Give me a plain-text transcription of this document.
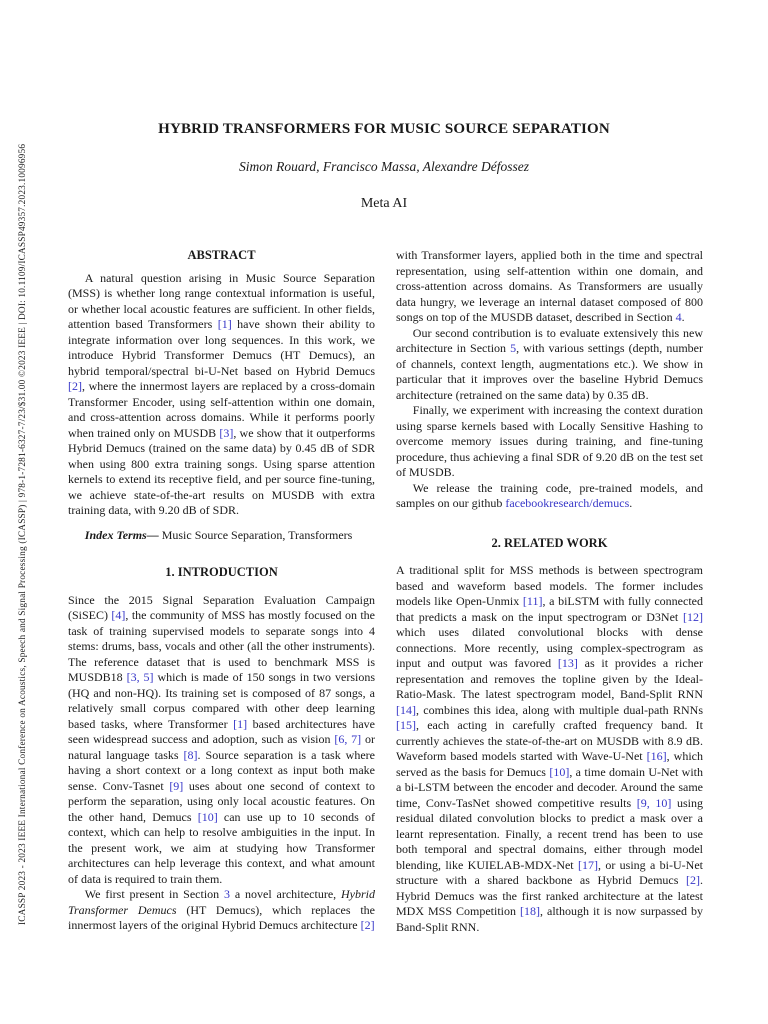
ICASSP 2023 - 2023 IEEE International Conference on Acoustics, Speech and Signal Processing (ICASSP) | 978-1-7281-6327-7/23/$31.00 ©2023 IEEE | DOI: 10.1109/ICASSP49357.2023.10096956
HYBRID TRANSFORMERS FOR MUSIC SOURCE SEPARATION
Simon Rouard, Francisco Massa, Alexandre Défossez
Meta AI
ABSTRACT

A natural question arising in Music Source Separation (MSS) is whether long range contextual information is useful, or whether local acoustic features are sufficient. In other fields, attention based Transformers [1] have shown their ability to integrate information over long sequences. In this work, we introduce Hybrid Transformer Demucs (HT Demucs), an hybrid temporal/spectral bi-U-Net based on Hybrid Demucs [2], where the innermost layers are replaced by a cross-domain Transformer Encoder, using self-attention within one domain, and cross-attention across domains. While it performs poorly when trained only on MUSDB [3], we show that it outperforms Hybrid Demucs (trained on the same data) by 0.45 dB of SDR when using 800 extra training songs. Using sparse attention kernels to extend its receptive field, and per source fine-tuning, we achieve state-of-the-art results on MUSDB with extra training data, with 9.20 dB of SDR.

Index Terms— Music Source Separation, Transformers

1. INTRODUCTION

Since the 2015 Signal Separation Evaluation Campaign (SiSEC) [4], the community of MSS has mostly focused on the task of training supervised models to separate songs into 4 stems: drums, bass, vocals and other (all the other instruments). The reference dataset that is used to benchmark MSS is MUSDB18 [3, 5] which is made of 150 songs in two versions (HQ and non-HQ). Its training set is composed of 87 songs, a relatively small corpus compared with other deep learning based tasks, where Transformer [1] based architectures have seen widespread success and adoption, such as vision [6, 7] or natural language tasks [8]. Source separation is a task where having a short context or a long context as input both make sense. Conv-Tasnet [9] uses about one second of context to perform the separation, using only local acoustic features. On the other hand, Demucs [10] can use up to 10 seconds of context, which can help to resolve ambiguities in the input. In the present work, we aim at studying how Transformer architectures can help leverage this context, and what amount of data is required to train them.

We first present in Section 3 a novel architecture, Hybrid Transformer Demucs (HT Demucs), which replaces the innermost layers of the original Hybrid Demucs architecture [2]

with Transformer layers, applied both in the time and spectral representation, using self-attention within one domain, and cross-attention across domains. As Transformers are usually data hungry, we leverage an internal dataset composed of 800 songs on top of the MUSDB dataset, described in Section 4.

Our second contribution is to evaluate extensively this new architecture in Section 5, with various settings (depth, number of channels, context length, augmentations etc.). We show in particular that it improves over the baseline Hybrid Demucs architecture (retrained on the same data) by 0.35 dB.

Finally, we experiment with increasing the context duration using sparse kernels based with Locally Sensitive Hashing to overcome memory issues during training, and fine-tuning procedure, thus achieving a final SDR of 9.20 dB on the test set of MUSDB.

We release the training code, pre-trained models, and samples on our github facebookresearch/demucs.

2. RELATED WORK

A traditional split for MSS methods is between spectrogram based and waveform based models. The former includes models like Open-Unmix [11], a biLSTM with fully connected that predicts a mask on the input spectrogram or D3Net [12] which uses dilated convolutional blocks with dense connections. More recently, using complex-spectrogram as input and output was favored [13] as it provides a richer representation and removes the topline given by the Ideal-Ratio-Mask. The latest spectrogram model, Band-Split RNN [14], combines this idea, along with multiple dual-path RNNs [15], each acting in carefully crafted frequency band. It currently achieves the state-of-the-art on MUSDB with 8.9 dB. Waveform based models started with Wave-U-Net [16], which served as the basis for Demucs [10], a time domain U-Net with a bi-LSTM between the encoder and decoder. Around the same time, Conv-TasNet showed competitive results [9, 10] using residual dilated convolution blocks to predict a mask over a learnt representation. Finally, a recent trend has been to use both temporal and spectral domains, either through model blending, like KUIELAB-MDX-Net [17], or using a bi-U-Net structure with a shared backbone as Hybrid Demucs [2]. Hybrid Demucs was the first ranked architecture at the latest MDX MSS Competition [18], although it is now surpassed by Band-Split RNN.
